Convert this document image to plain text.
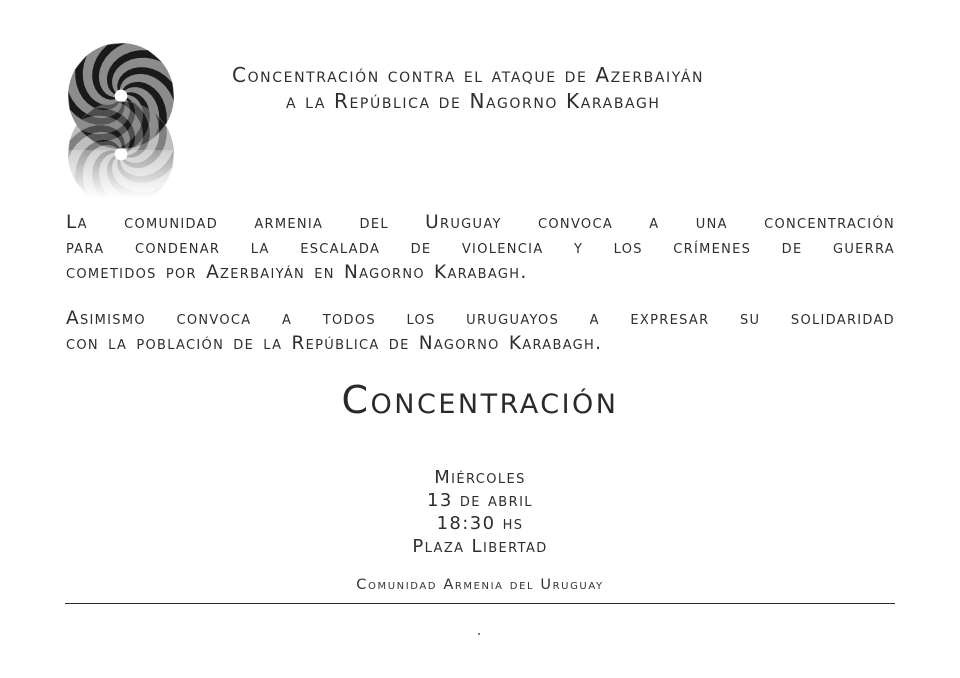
Concentración contra el ataque de Azerbaiyán
a la República de Nagorno Karabagh
La comunidad armenia del Uruguay convoca a una concentración
para condenar la escalada de violencia y los crímenes de guerra
cometidos por Azerbaiyán en Nagorno Karabagh.
Asimismo convoca a todos los uruguayos a expresar su solidaridad
con la población de la República de Nagorno Karabagh.
Concentración
Miércoles
13 de abril
18:30 hs
Plaza Libertad
Comunidad Armenia del Uruguay
